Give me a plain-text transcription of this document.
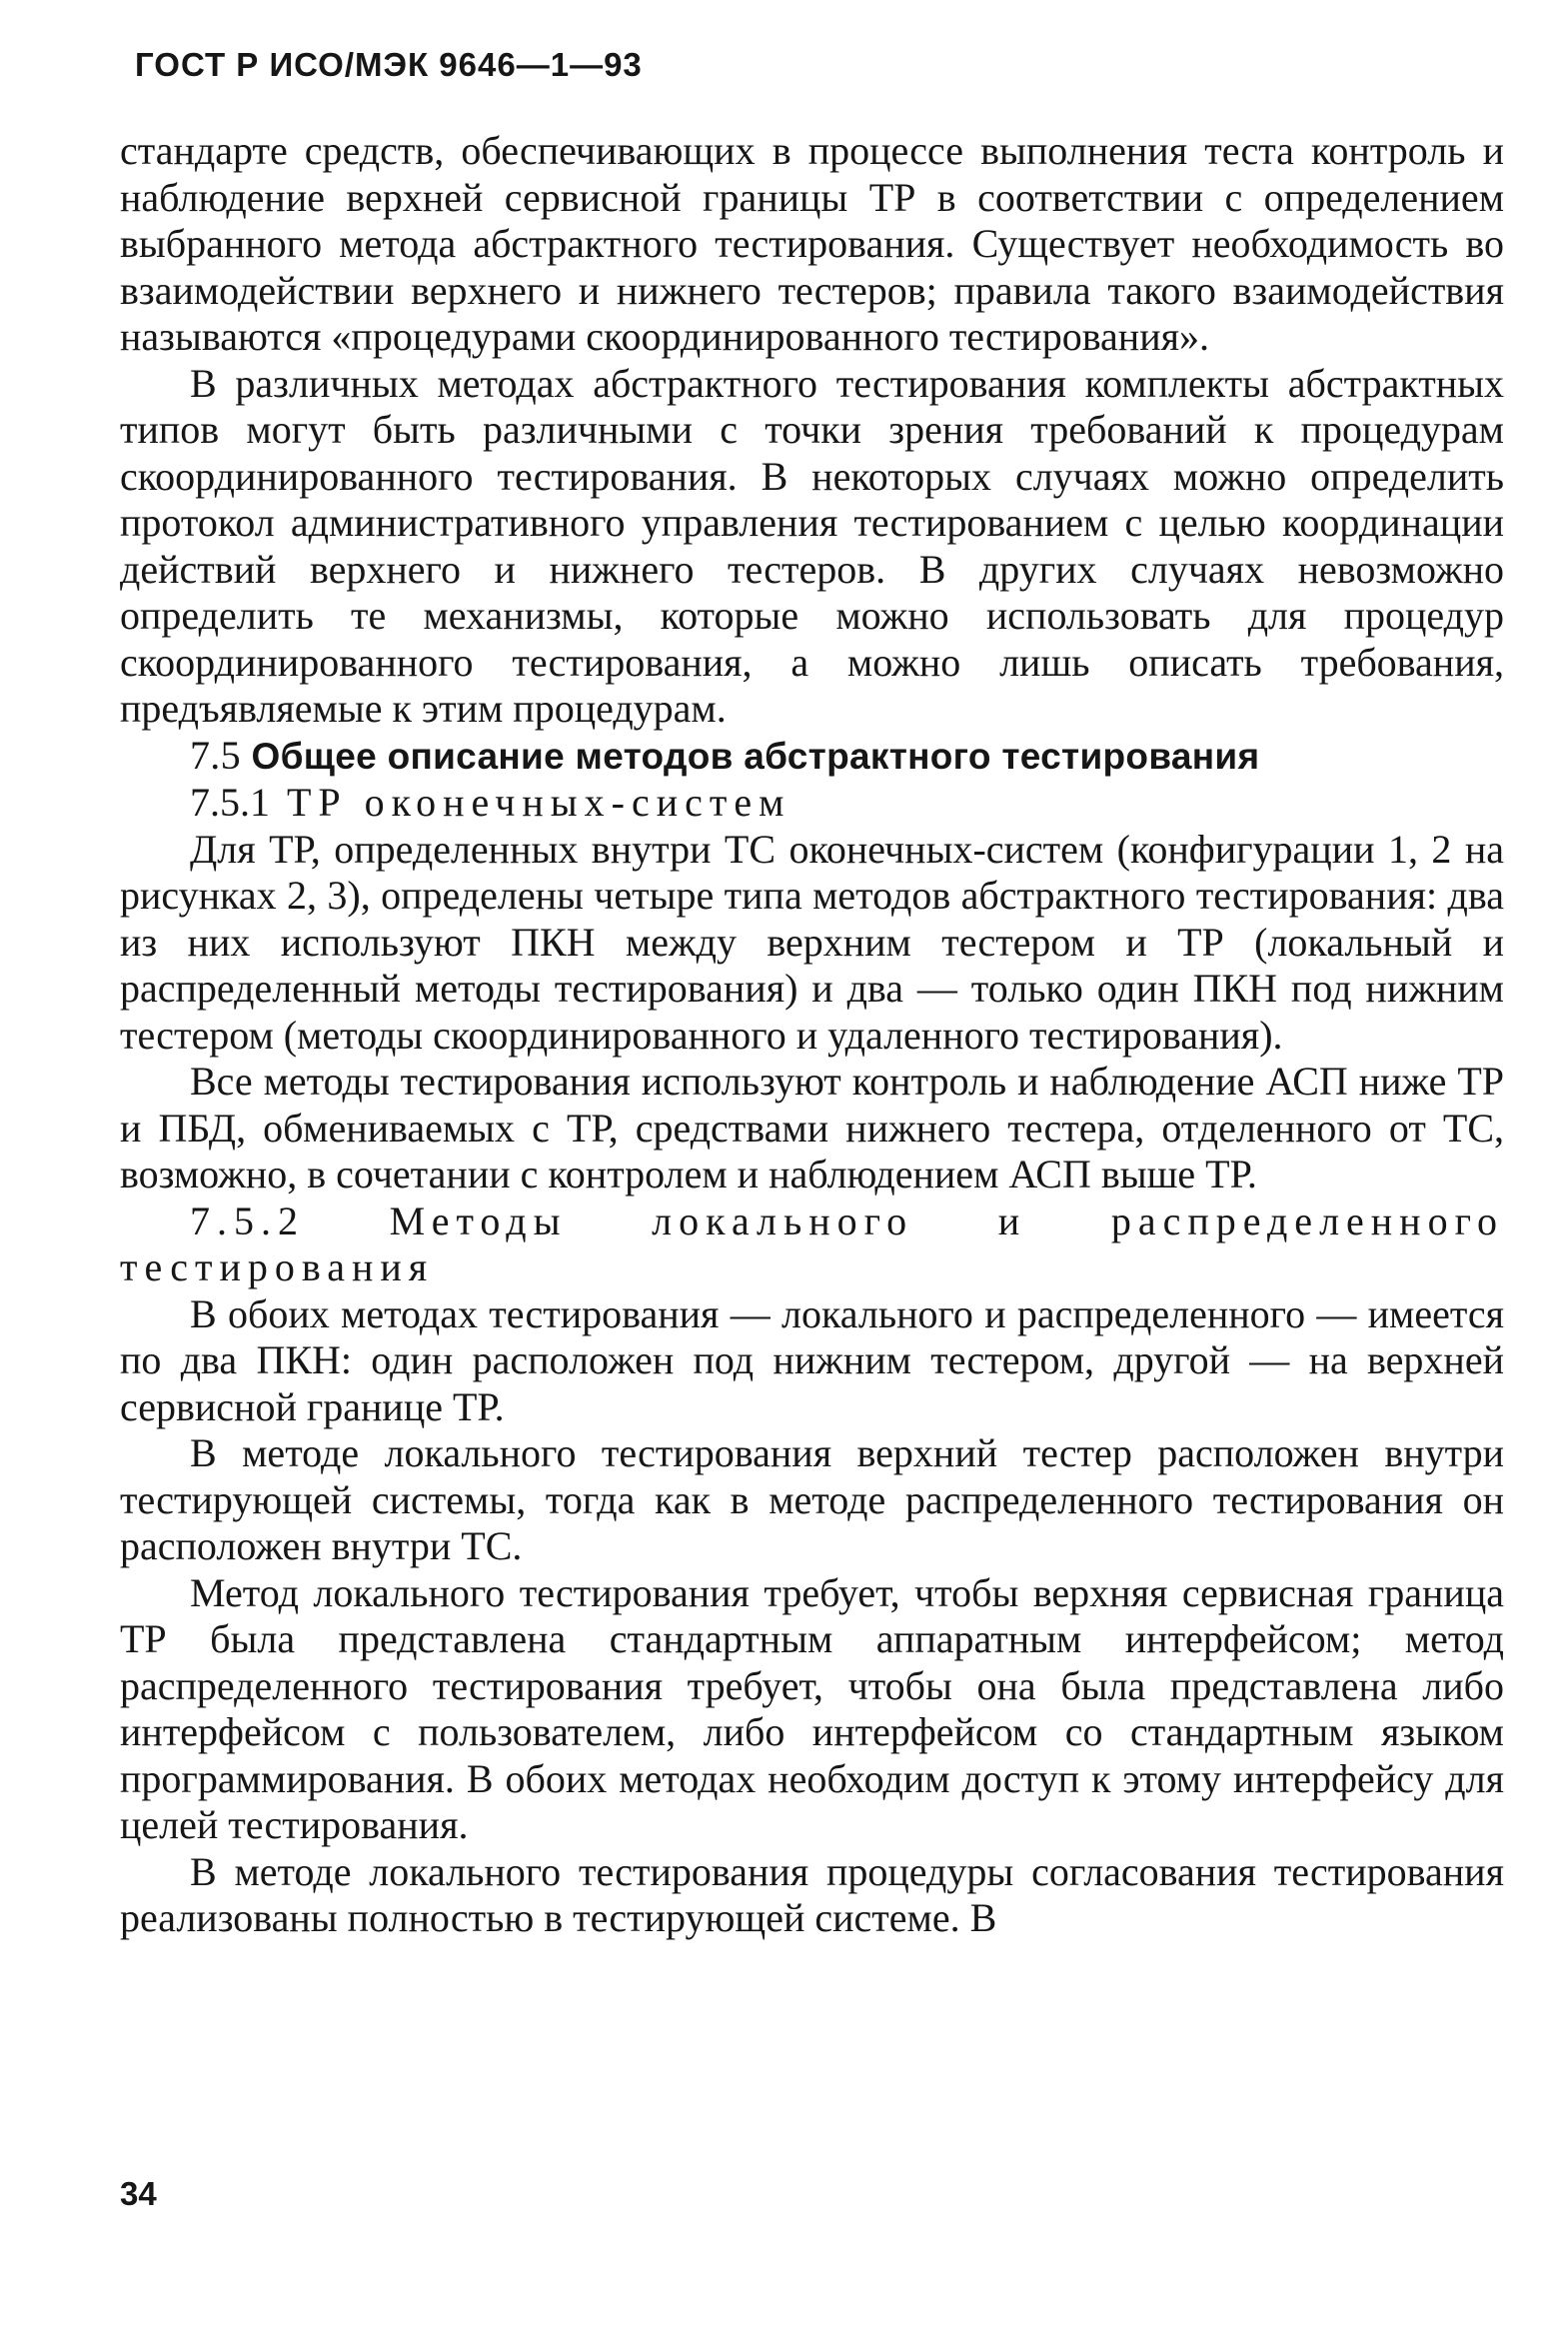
ГОСТ Р ИСО/МЭК 9646—1—93

стандарте средств, обеспечивающих в процессе выполнения теста контроль и наблюдение верхней сервисной границы ТР в соответствии с определением выбранного метода абстрактного тестирования. Существует необходимость во взаимодействии верхнего и нижнего тестеров; правила такого взаимодействия называются «процедурами скоординированного тестирования».

В различных методах абстрактного тестирования комплекты абстрактных типов могут быть различными с точки зрения требований к процедурам скоординированного тестирования. В некоторых случаях можно определить протокол административного управления тестированием с целью координации действий верхнего и нижнего тестеров. В других случаях невозможно определить те механизмы, которые можно использовать для процедур скоординированного тестирования, а можно лишь описать требования, предъявляемые к этим процедурам.

7.5 Общее описание методов абстрактного тестирования

7.5.1 ТР оконечных-систем

Для ТР, определенных внутри ТС оконечных-систем (конфигурации 1, 2 на рисунках 2, 3), определены четыре типа методов абстрактного тестирования: два из них используют ПКН между верхним тестером и ТР (локальный и распределенный методы тестирования) и два — только один ПКН под нижним тестером (методы скоординированного и удаленного тестирования).

Все методы тестирования используют контроль и наблюдение АСП ниже ТР и ПБД, обмениваемых с ТР, средствами нижнего тестера, отделенного от ТС, возможно, в сочетании с контролем и наблюдением АСП выше ТР.

7.5.2 Методы локального и распределенного тестирования

В обоих методах тестирования — локального и распределенного — имеется по два ПКН: один расположен под нижним тестером, другой — на верхней сервисной границе ТР.

В методе локального тестирования верхний тестер расположен внутри тестирующей системы, тогда как в методе распределенного тестирования он расположен внутри ТС.

Метод локального тестирования требует, чтобы верхняя сервисная граница ТР была представлена стандартным аппаратным интерфейсом; метод распределенного тестирования требует, чтобы она была представлена либо интерфейсом с пользователем, либо интерфейсом со стандартным языком программирования. В обоих методах необходим доступ к этому интерфейсу для целей тестирования.

В методе локального тестирования процедуры согласования тестирования реализованы полностью в тестирующей системе. В

34
